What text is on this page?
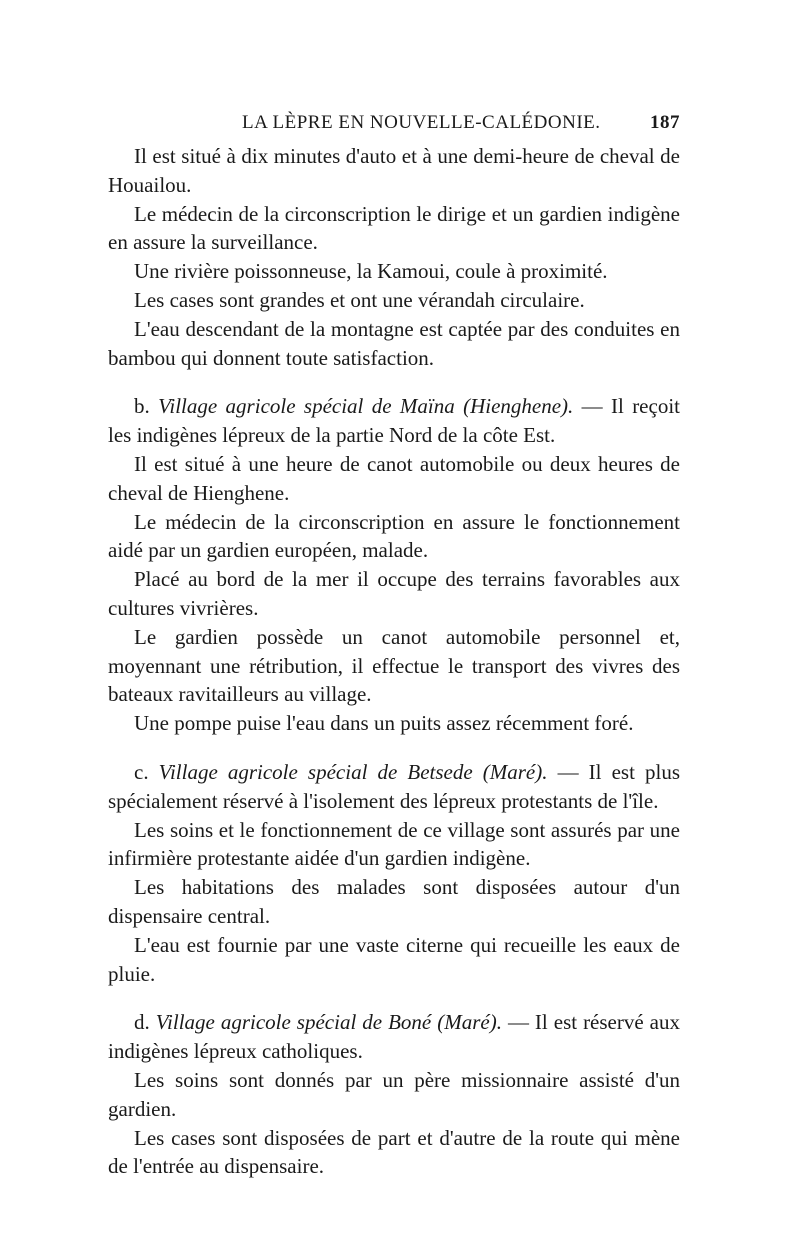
LA LÈPRE EN NOUVELLE-CALÉDONIE.	187

Il est situé à dix minutes d'auto et à une demi-heure de cheval de Houailou.

Le médecin de la circonscription le dirige et un gardien indigène en assure la surveillance.

Une rivière poissonneuse, la Kamoui, coule à proximité.

Les cases sont grandes et ont une vérandah circulaire.

L'eau descendant de la montagne est captée par des conduites en bambou qui donnent toute satisfaction.

b. Village agricole spécial de Maïna (Hienghene). — Il reçoit les indigènes lépreux de la partie Nord de la côte Est.

Il est situé à une heure de canot automobile ou deux heures de cheval de Hienghene.

Le médecin de la circonscription en assure le fonctionnement aidé par un gardien européen, malade.

Placé au bord de la mer il occupe des terrains favorables aux cultures vivrières.

Le gardien possède un canot automobile personnel et, moyennant une rétribution, il effectue le transport des vivres des bateaux ravitailleurs au village.

Une pompe puise l'eau dans un puits assez récemment foré.

c. Village agricole spécial de Betsede (Maré). — Il est plus spécialement réservé à l'isolement des lépreux protestants de l'île.

Les soins et le fonctionnement de ce village sont assurés par une infirmière protestante aidée d'un gardien indigène.

Les habitations des malades sont disposées autour d'un dispensaire central.

L'eau est fournie par une vaste citerne qui recueille les eaux de pluie.

d. Village agricole spécial de Boné (Maré). — Il est réservé aux indigènes lépreux catholiques.

Les soins sont donnés par un père missionnaire assisté d'un gardien.

Les cases sont disposées de part et d'autre de la route qui mène de l'entrée au dispensaire.
